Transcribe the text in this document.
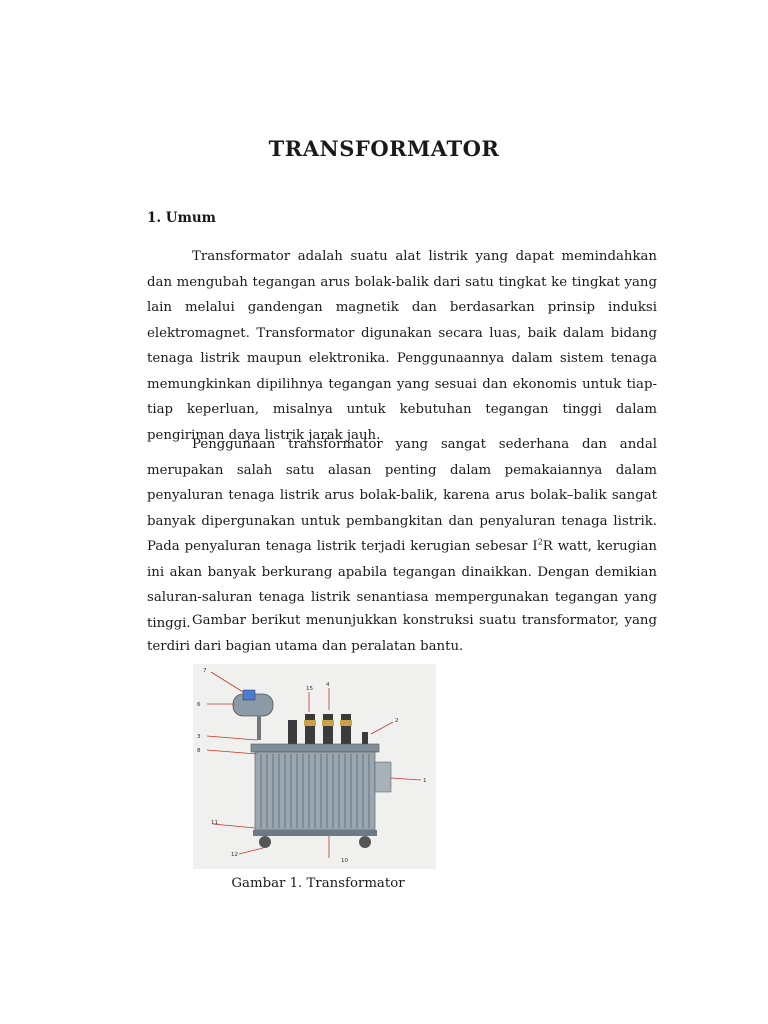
TRANSFORMATOR
1. Umum

Transformator adalah suatu alat listrik yang dapat memindahkan dan mengubah tegangan arus bolak-balik dari satu tingkat ke tingkat yang lain melalui gandengan magnetik dan berdasarkan prinsip induksi elektromagnet. Transformator digunakan secara luas, baik dalam bidang tenaga listrik maupun elektronika. Penggunaannya dalam sistem tenaga memungkinkan dipilihnya tegangan yang sesuai dan ekonomis untuk tiap-tiap keperluan, misalnya untuk kebutuhan tegangan tinggi dalam pengiriman daya listrik jarak jauh.

Penggunaan transformator yang sangat sederhana dan andal merupakan salah satu alasan penting dalam pemakaiannya dalam penyaluran tenaga listrik arus bolak-balik, karena arus bolak–balik sangat banyak dipergunakan untuk pembangkitan dan penyaluran tenaga listrik. Pada penyaluran tenaga listrik terjadi kerugian sebesar $I^2R$ watt, kerugian ini akan banyak berkurang apabila tegangan dinaikkan. Dengan demikian saluran-saluran tenaga listrik senantiasa mempergunakan tegangan yang tinggi. Gambar berikut menunjukkan konstruksi suatu transformator, yang terdiri dari bagian utama dan peralatan bantu.

7
6
3
8
9
15
4
2
1
11
12
10
Gambar 1. Transformator
